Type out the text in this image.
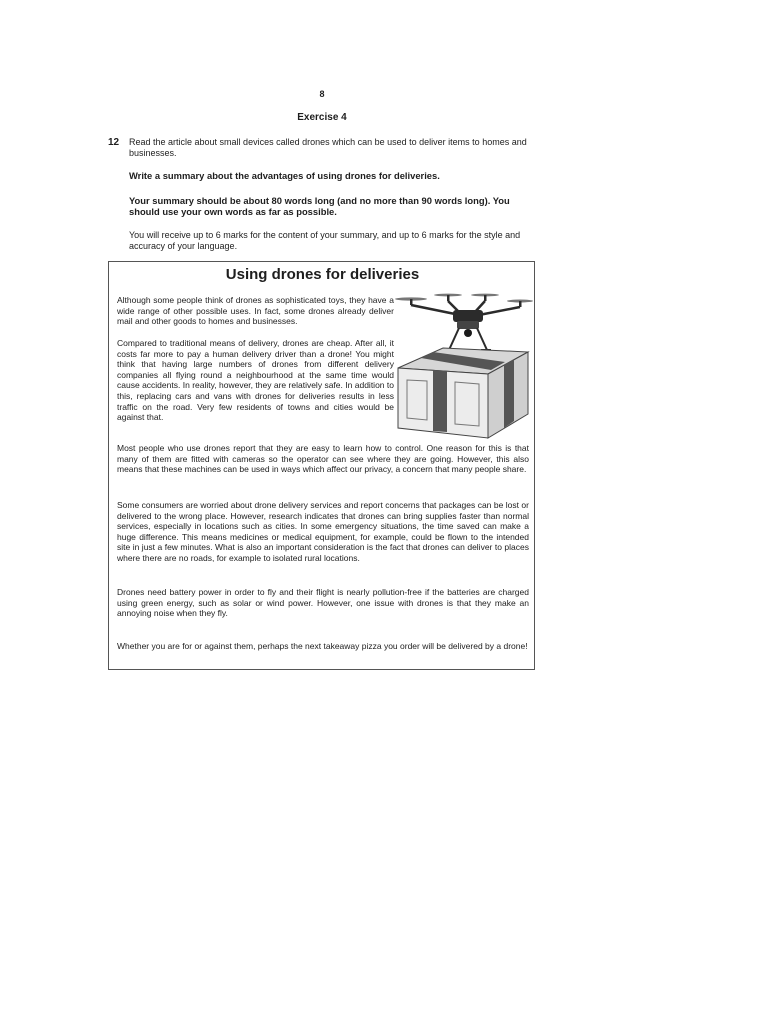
8
Exercise 4
12 Read the article about small devices called drones which can be used to deliver items to homes and businesses.

Write a summary about the advantages of using drones for deliveries.

Your summary should be about 80 words long (and no more than 90 words long). You should use your own words as far as possible.

You will receive up to 6 marks for the content of your summary, and up to 6 marks for the style and accuracy of your language.

Using drones for deliveries

Although some people think of drones as sophisticated toys, they have a wide range of other possible uses. In fact, some drones already deliver mail and other goods to homes and businesses.

Compared to traditional means of delivery, drones are cheap. After all, it costs far more to pay a human delivery driver than a drone! You might think that having large numbers of drones from different delivery companies all flying round a neighbourhood at the same time would cause accidents. In reality, however, they are relatively safe. In addition to this, replacing cars and vans with drones for deliveries results in less traffic on the road. Very few residents of towns and cities would be against that.

Most people who use drones report that they are easy to learn how to control. One reason for this is that many of them are fitted with cameras so the operator can see where they are going. However, this also means that these machines can be used in ways which affect our privacy, a concern that many people share.

Some consumers are worried about drone delivery services and report concerns that packages can be lost or delivered to the wrong place. However, research indicates that drones can bring supplies faster than normal services, especially in locations such as cities. In some emergency situations, the time saved can make a huge difference. This means medicines or medical equipment, for example, could be flown to the intended site in just a few minutes. What is also an important consideration is the fact that drones can deliver to places where there are no roads, for example to isolated rural locations.

Drones need battery power in order to fly and their flight is nearly pollution-free if the batteries are charged using green energy, such as solar or wind power. However, one issue with drones is that they make an annoying noise when they fly.

Whether you are for or against them, perhaps the next takeaway pizza you order will be delivered by a drone!
